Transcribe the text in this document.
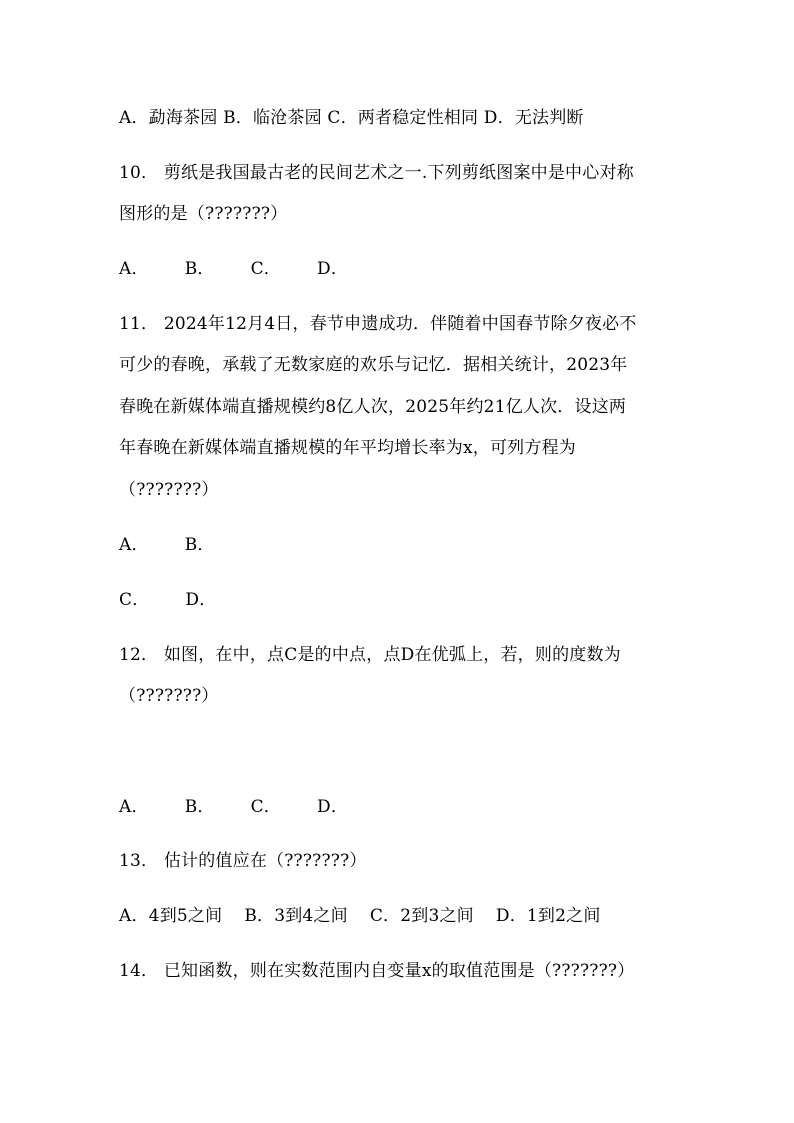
A．勐海茶园 B．临沧茶园 C．两者稳定性相同 D．无法判断
10． 剪纸是我国最古老的民间艺术之一.下列剪纸图案中是中心对称
图形的是（???????）
A． B． C． D．
11． 2024年12月4日，春节申遗成功．伴随着中国春节除夕夜必不
可少的春晚，承载了无数家庭的欢乐与记忆．据相关统计，2023年
春晚在新媒体端直播规模约8亿人次，2025年约21亿人次．设这两
年春晚在新媒体端直播规模的年平均增长率为x，可列方程为
（???????）
A． B．
C． D．
12． 如图，在中，点C是的中点，点D在优弧上，若，则的度数为
（???????）
A． B． C． D．
13． 估计的值应在（???????）
A．4到5之间 B．3到4之间 C．2到3之间 D．1到2之间
14． 已知函数，则在实数范围内自变量x的取值范围是（???????）
